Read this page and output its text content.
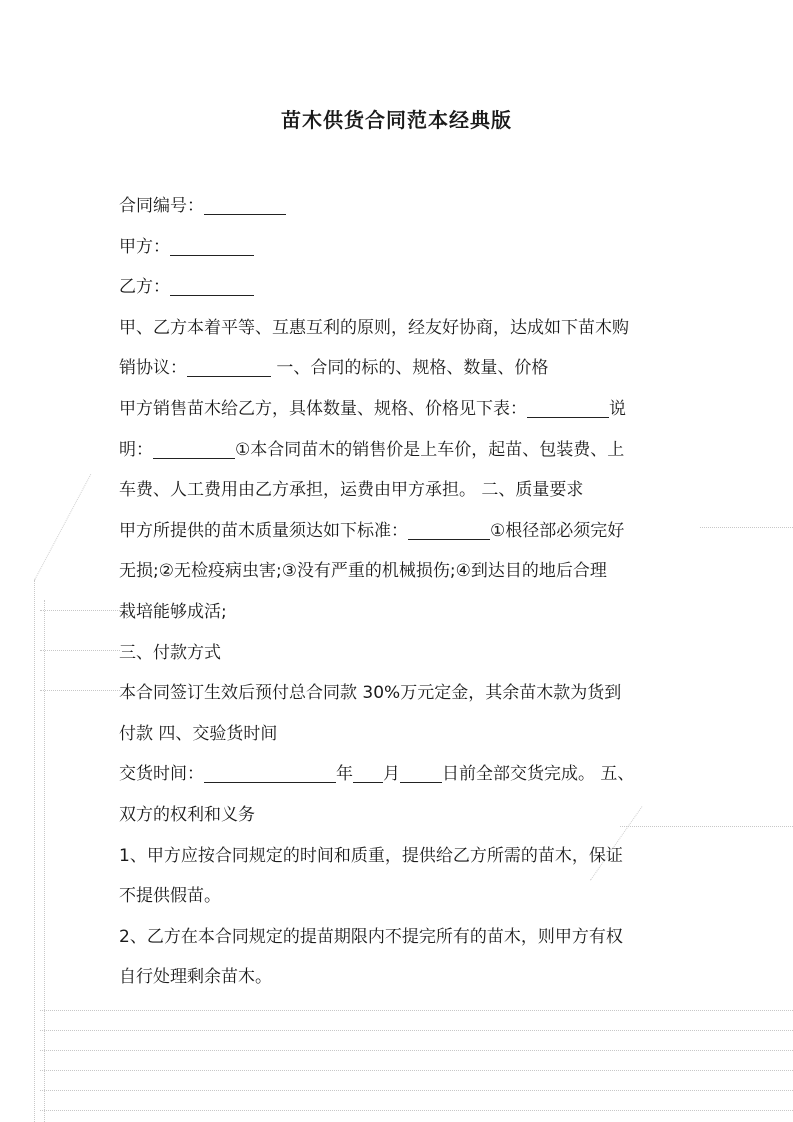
苗木供货合同范本经典版
合同编号：
甲方：
乙方：
甲、乙方本着平等、互惠互利的原则，经友好协商，达成如下苗木购
销协议：	一、合同的标的、规格、数量、价格
甲方销售苗木给乙方，具体数量、规格、价格见下表：	说
明：	①本合同苗木的销售价是上车价，起苗、包装费、上
车费、人工费用由乙方承担，运费由甲方承担。 二、质量要求
甲方所提供的苗木质量须达如下标准：	①根径部必须完好
无损;②无检疫病虫害;③没有严重的机械损伤;④到达目的地后合理
栽培能够成活;
三、付款方式
本合同签订生效后预付总合同款 30%万元定金，其余苗木款为货到
付款 四、交验货时间
交货时间：	年 月 日前全部交货完成。 五、
双方的权利和义务
1、甲方应按合同规定的时间和质重，提供给乙方所需的苗木，保证
不提供假苗。
2、乙方在本合同规定的提苗期限内不提完所有的苗木，则甲方有权
自行处理剩余苗木。
